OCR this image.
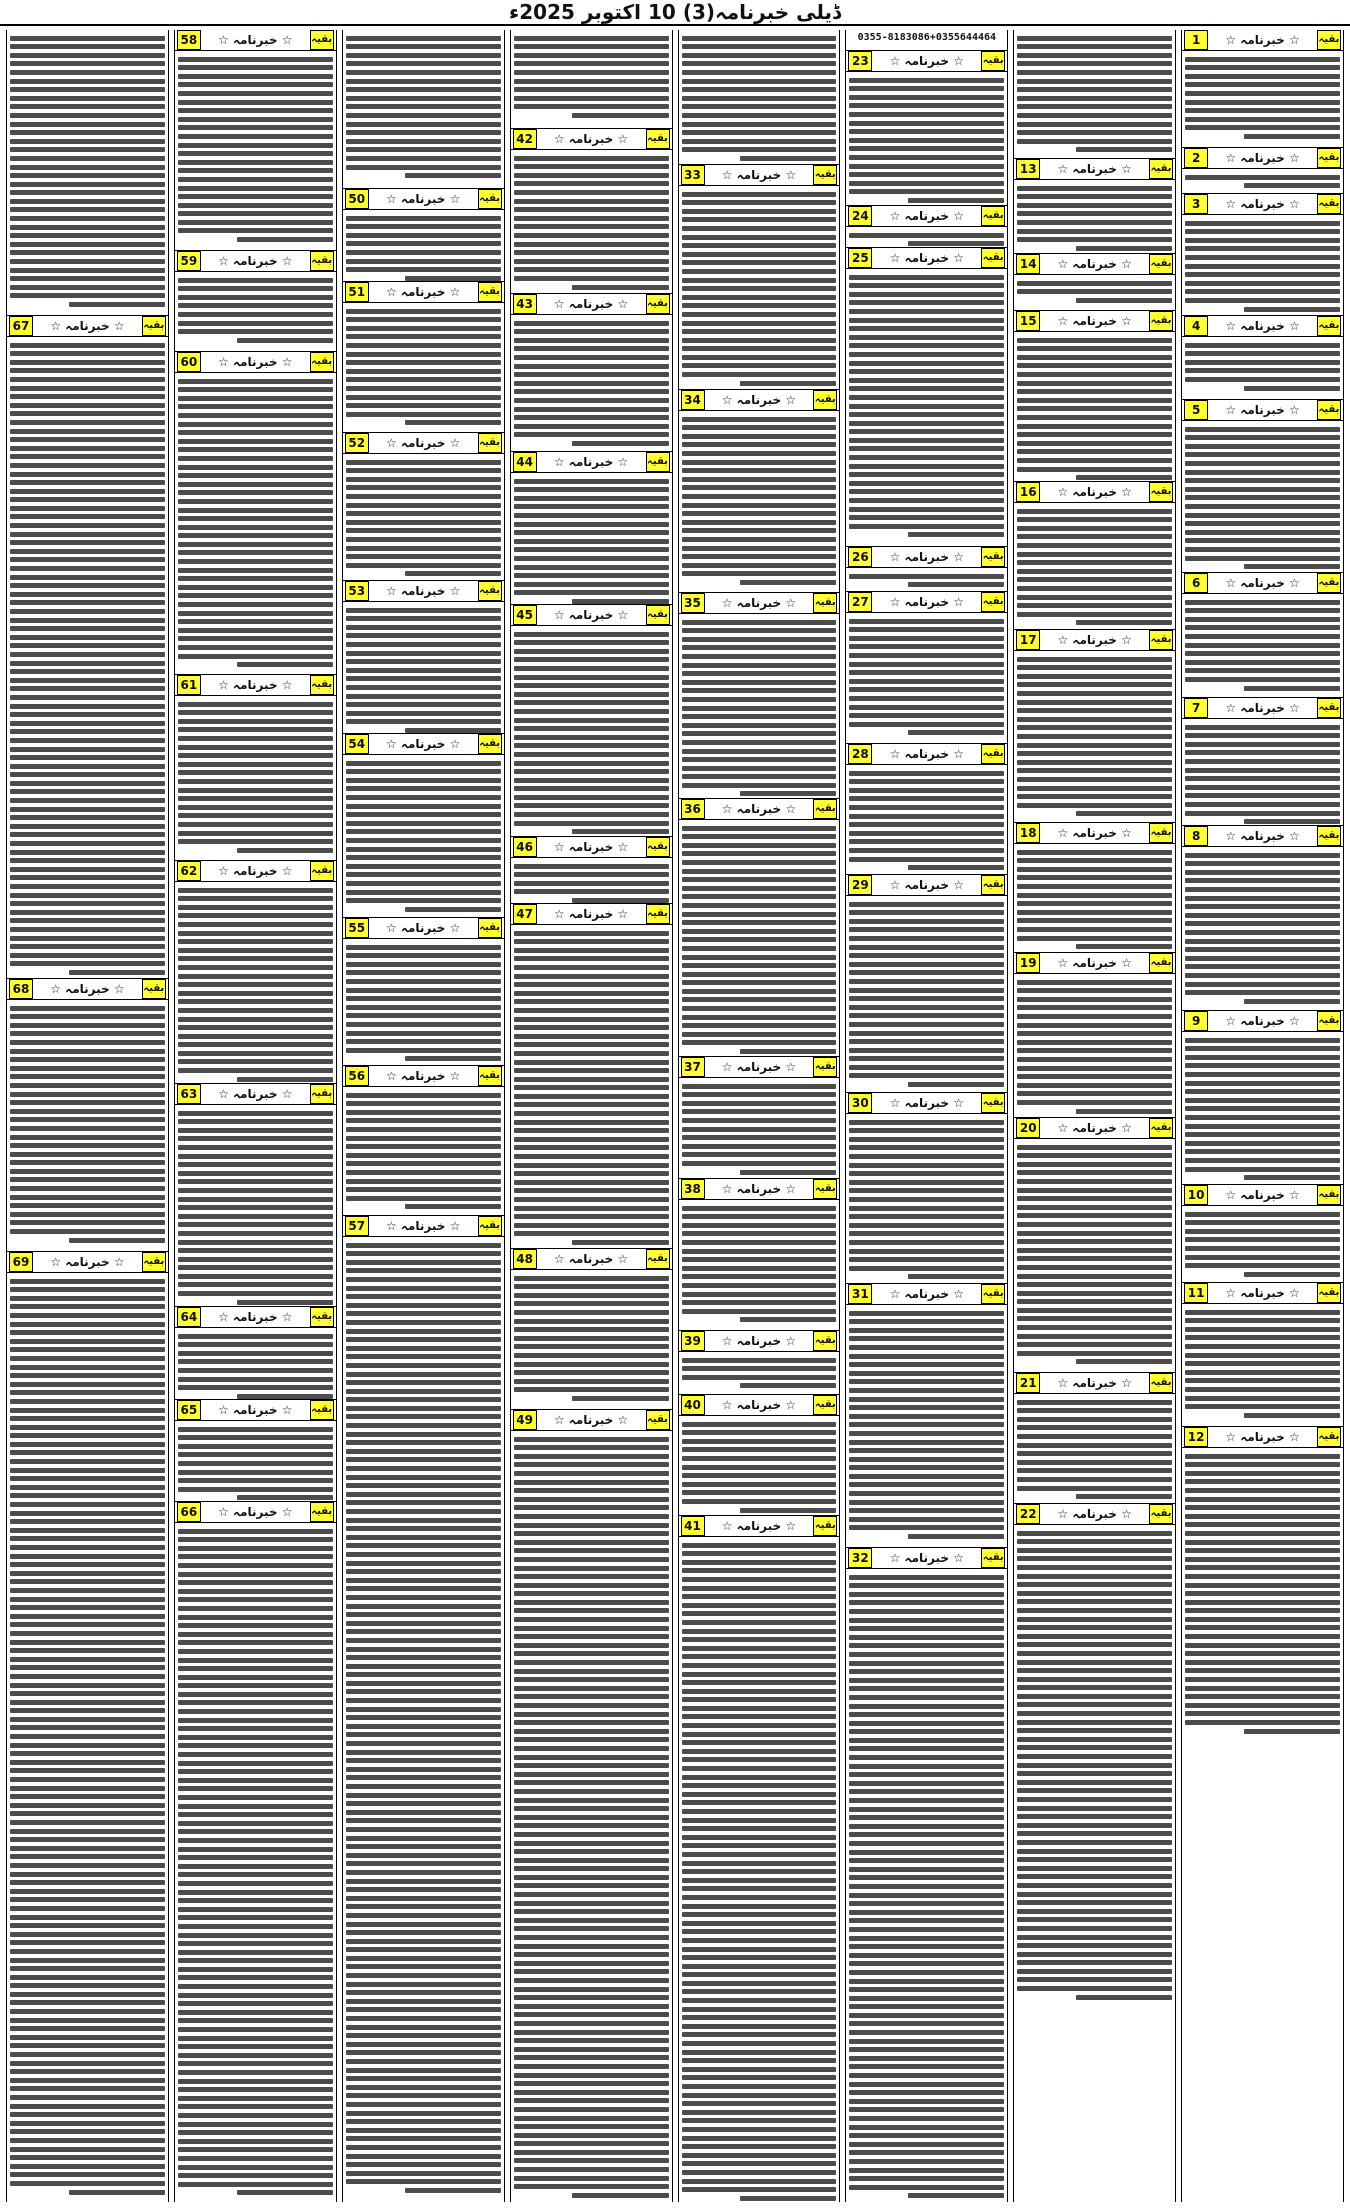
ڈیلی خبرنامہ(3) 10 اکتوبر 2025ء
بقیہ
☆ خبرنامہ ☆
1
بقیہ
☆ خبرنامہ ☆
2
بقیہ
☆ خبرنامہ ☆
3
بقیہ
☆ خبرنامہ ☆
4
بقیہ
☆ خبرنامہ ☆
5
بقیہ
☆ خبرنامہ ☆
6
بقیہ
☆ خبرنامہ ☆
7
بقیہ
☆ خبرنامہ ☆
8
بقیہ
☆ خبرنامہ ☆
9
بقیہ
☆ خبرنامہ ☆
10
بقیہ
☆ خبرنامہ ☆
11
بقیہ
☆ خبرنامہ ☆
12
بقیہ
☆ خبرنامہ ☆
13
بقیہ
☆ خبرنامہ ☆
14
بقیہ
☆ خبرنامہ ☆
15
بقیہ
☆ خبرنامہ ☆
16
بقیہ
☆ خبرنامہ ☆
17
بقیہ
☆ خبرنامہ ☆
18
بقیہ
☆ خبرنامہ ☆
19
بقیہ
☆ خبرنامہ ☆
20
بقیہ
☆ خبرنامہ ☆
21
بقیہ
☆ خبرنامہ ☆
22
0355-8183086+0355644464
بقیہ
☆ خبرنامہ ☆
23
بقیہ
☆ خبرنامہ ☆
24
بقیہ
☆ خبرنامہ ☆
25
بقیہ
☆ خبرنامہ ☆
26
بقیہ
☆ خبرنامہ ☆
27
بقیہ
☆ خبرنامہ ☆
28
بقیہ
☆ خبرنامہ ☆
29
بقیہ
☆ خبرنامہ ☆
30
بقیہ
☆ خبرنامہ ☆
31
بقیہ
☆ خبرنامہ ☆
32
بقیہ
☆ خبرنامہ ☆
33
بقیہ
☆ خبرنامہ ☆
34
بقیہ
☆ خبرنامہ ☆
35
بقیہ
☆ خبرنامہ ☆
36
بقیہ
☆ خبرنامہ ☆
37
بقیہ
☆ خبرنامہ ☆
38
بقیہ
☆ خبرنامہ ☆
39
بقیہ
☆ خبرنامہ ☆
40
بقیہ
☆ خبرنامہ ☆
41
بقیہ
☆ خبرنامہ ☆
42
بقیہ
☆ خبرنامہ ☆
43
بقیہ
☆ خبرنامہ ☆
44
بقیہ
☆ خبرنامہ ☆
45
بقیہ
☆ خبرنامہ ☆
46
بقیہ
☆ خبرنامہ ☆
47
بقیہ
☆ خبرنامہ ☆
48
بقیہ
☆ خبرنامہ ☆
49
بقیہ
☆ خبرنامہ ☆
50
بقیہ
☆ خبرنامہ ☆
51
بقیہ
☆ خبرنامہ ☆
52
بقیہ
☆ خبرنامہ ☆
53
بقیہ
☆ خبرنامہ ☆
54
بقیہ
☆ خبرنامہ ☆
55
بقیہ
☆ خبرنامہ ☆
56
بقیہ
☆ خبرنامہ ☆
57
بقیہ
☆ خبرنامہ ☆
58
بقیہ
☆ خبرنامہ ☆
59
بقیہ
☆ خبرنامہ ☆
60
بقیہ
☆ خبرنامہ ☆
61
بقیہ
☆ خبرنامہ ☆
62
بقیہ
☆ خبرنامہ ☆
63
بقیہ
☆ خبرنامہ ☆
64
بقیہ
☆ خبرنامہ ☆
65
بقیہ
☆ خبرنامہ ☆
66
بقیہ
☆ خبرنامہ ☆
67
بقیہ
☆ خبرنامہ ☆
68
بقیہ
☆ خبرنامہ ☆
69
